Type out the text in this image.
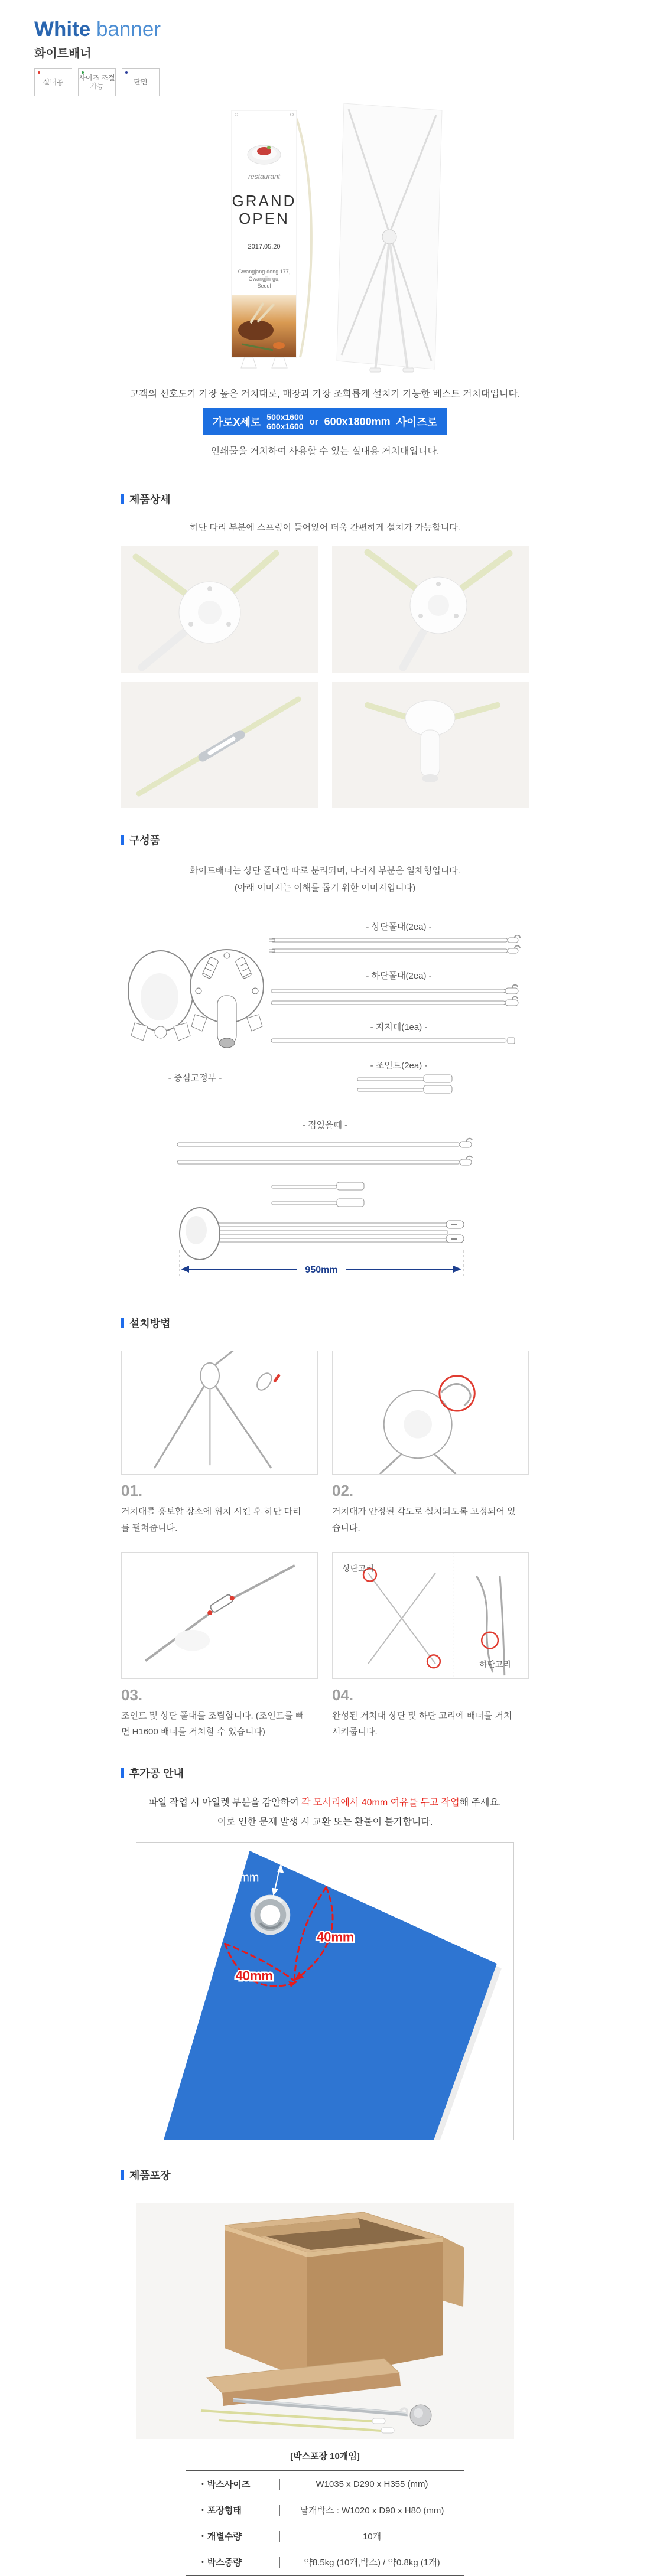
White banner
화이트배너
실내용
사이즈 조절가능
단면
restaurant
GRAND
OPEN
2017.05.20
Gwangjang-dong 177,
Gwangjin-gu,
Seoul
고객의 선호도가 가장 높은 거치대로, 매장과 가장 조화롭게 설치가 가능한 베스트 거치대입니다.
가로X세로 500x1600
600x1600 or 600x1800mm 사이즈로
인쇄물을 거치하여 사용할 수 있는 실내용 거치대입니다.
제품상세
하단 다리 부분에 스프링이 들어있어 더욱 간편하게 설치가 가능합니다.
구성품
화이트배너는 상단 폴대만 따로 분리되며, 나머지 부분은 일체형입니다.
(아래 이미지는 이해를 돕기 위한 이미지입니다)
- 중심고정부 -
- 상단폴대(2ea) -
- 하단폴대(2ea) -
- 지지대(1ea) -
- 조인트(2ea) -
- 접었을때 -
950mm
설치방법
01.
거치대를 홍보할 장소에 위치 시킨 후 하단 다리를 펼쳐줍니다.
02.
거치대가 안정된 각도로 설치되도록 고정되어 있습니다.
03.
조인트 및 상단 폴대를 조립합니다. (조인트를 빼면 H1600 배너를 거치할 수 있습니다)
상단고리
하단고리
04.
완성된 거치대 상단 및 하단 고리에 배너를 거치시켜줍니다.
후가공 안내
파일 작업 시 아일렛 부분을 감안하여 각 모서리에서 40mm 여유를 두고 작업해 주세요.
이로 인한 문제 발생 시 교환 또는 환불이 불가합니다.
10mm
40mm
40mm
제품포장
[박스포장 10개입]
• 박스사이즈	W1035 x D290 x H355 (mm)
• 포장형태	낱개박스 : W1020 x D90 x H80 (mm)
• 개별수량	10개
• 박스중량	약8.5kg (10개,박스) / 약0.8kg (1개)
